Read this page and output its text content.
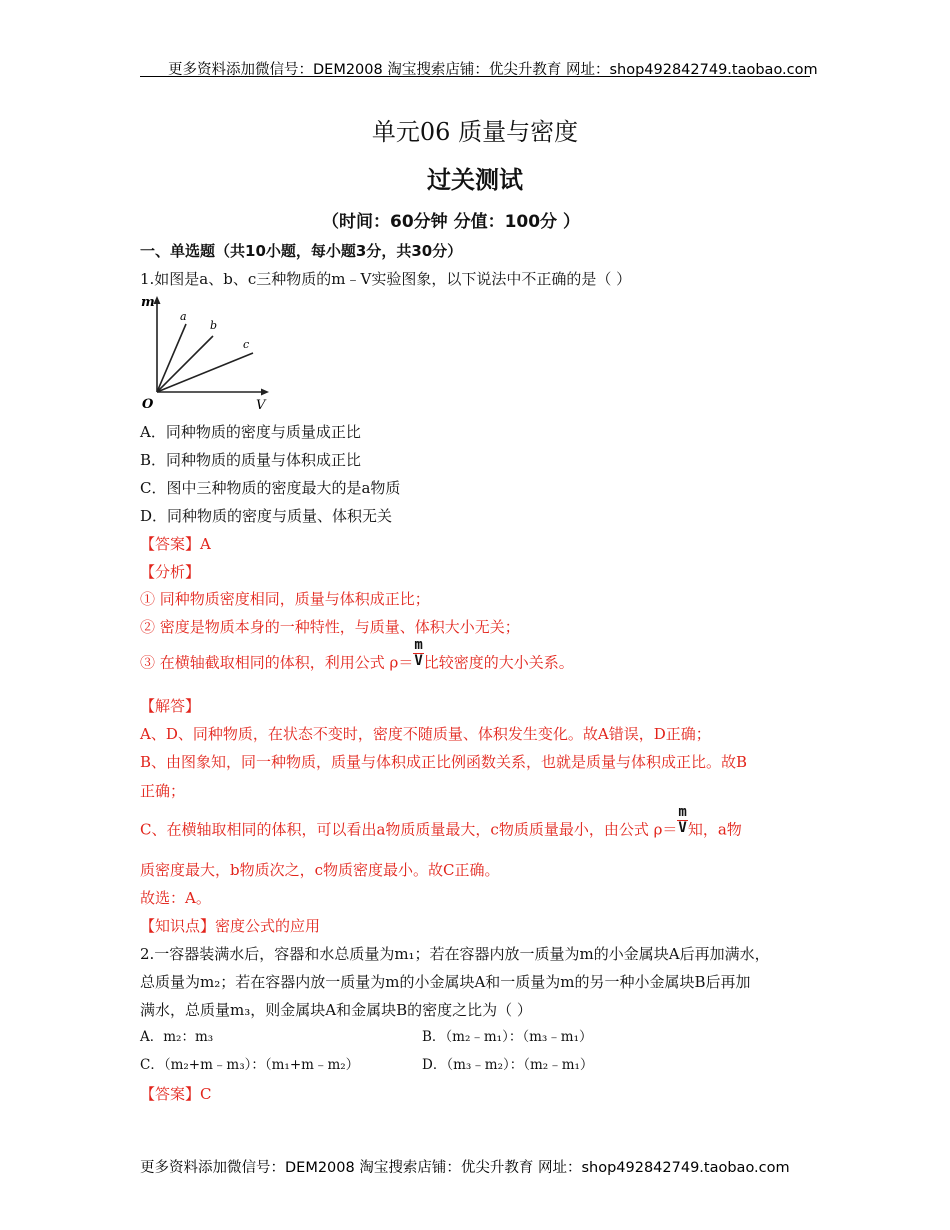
更多资料添加微信号：DEM2008 淘宝搜索店铺：优尖升教育 网址：shop492842749.taobao.com
单元06 质量与密度
过关测试
（时间：60分钟 分值：100分 ）
一、单选题（共10小题，每小题3分，共30分）
1.如图是a、b、c三种物质的m﹣V实验图象，以下说法中不正确的是（ ）
m
O	V
a
b
c
A．同种物质的密度与质量成正比
B．同种物质的质量与体积成正比
C．图中三种物质的密度最大的是a物质
D．同种物质的密度与质量、体积无关
【答案】A
【分析】
① 同种物质密度相同，质量与体积成正比；
② 密度是物质本身的一种特性，与质量、体积大小无关；
③ 在横轴截取相同的体积，利用公式 $\rho= \frac{m}{V}$ 比较密度的大小关系。
【解答】
A、D、同种物质，在状态不变时，密度不随质量、体积发生变化。故A错误，D正确；
B、由图象知，同一种物质，质量与体积成正比例函数关系，也就是质量与体积成正比。故B
正确；
C、在横轴取相同的体积，可以看出a物质质量最大，c物质质量最小，由公式 $\rho= \frac{m}{V}$ 知，a物
质密度最大，b物质次之，c物质密度最小。故C正确。
故选：A。
【知识点】密度公式的应用
2.一容器装满水后，容器和水总质量为m₁；若在容器内放一质量为m的小金属块A后再加满水，
总质量为m₂；若在容器内放一质量为m的小金属块A和一质量为m的另一种小金属块B后再加
满水，总质量m₃，则金属块A和金属块B的密度之比为（ ）
A．m₂：m₃	B．（m₂﹣m₁）：（m₃﹣m₁）
C．（m₂+m﹣m₃）：（m₁+m﹣m₂）	D．（m₃﹣m₂）：（m₂﹣m₁）
【答案】C
更多资料添加微信号：DEM2008 淘宝搜索店铺：优尖升教育 网址：shop492842749.taobao.com
